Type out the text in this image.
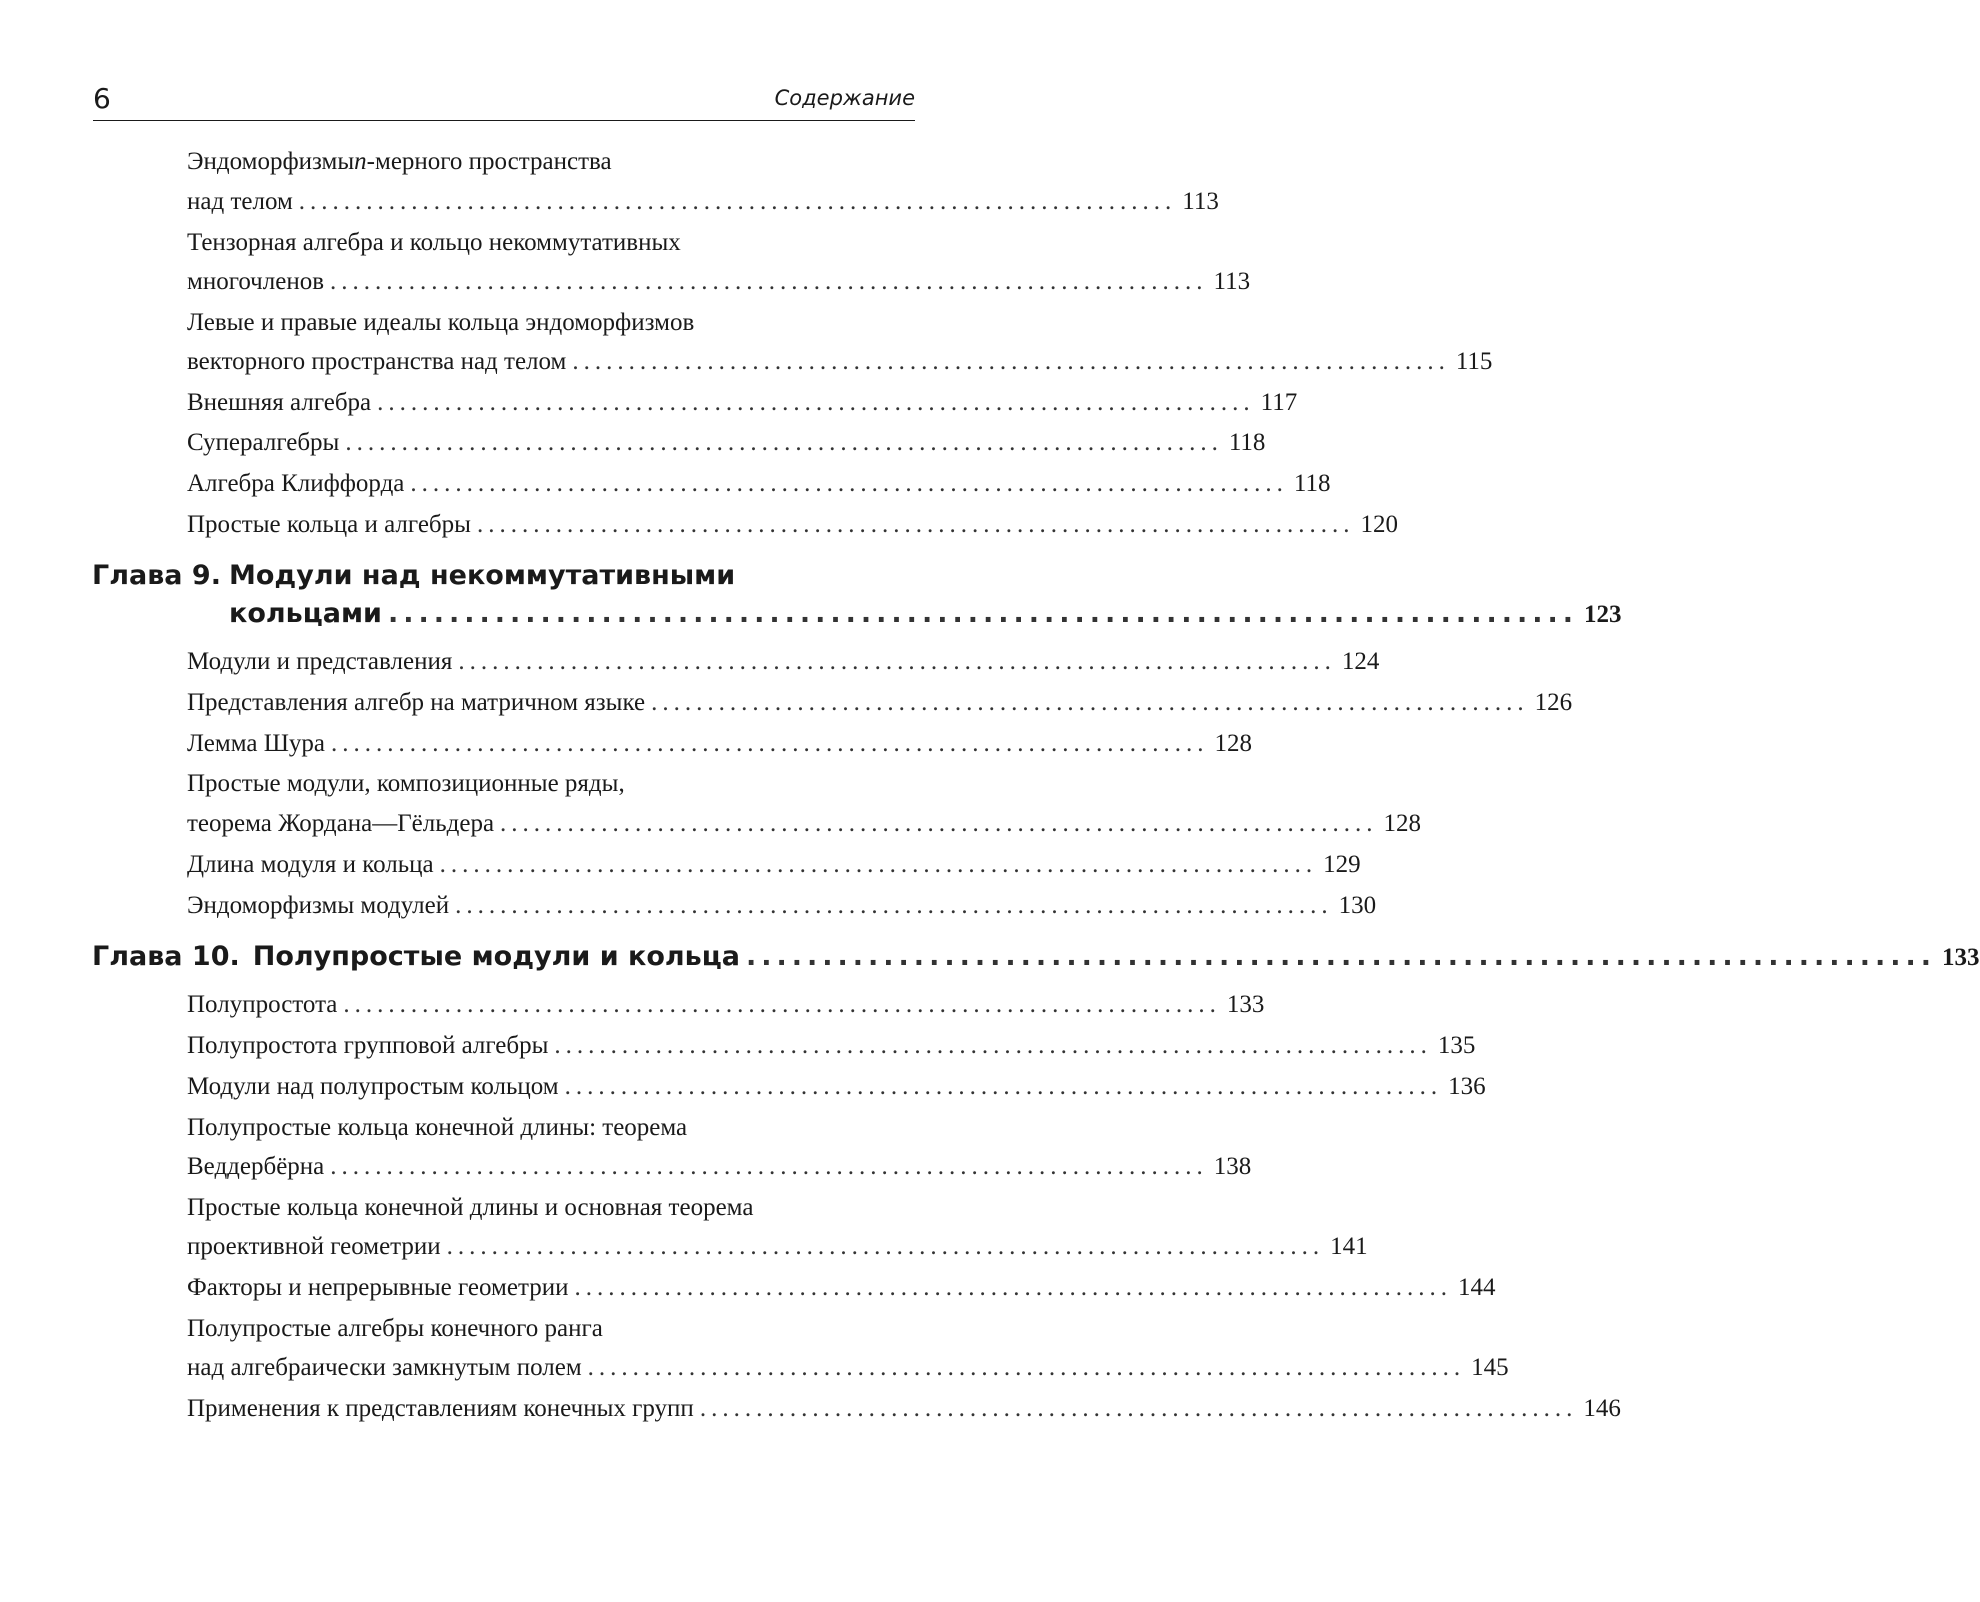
6	Содержание
Эндоморфизмы n -мерного пространства
над телом .............................................................................. 113
Тензорная алгебра и кольцо некоммутативных
многочленов .............................................................................. 113
Левые и правые идеалы кольца эндоморфизмов
векторного пространства над телом .............................................................................. 115
Внешняя алгебра .............................................................................. 117
Супералгебры .............................................................................. 118
Алгебра Клиффорда .............................................................................. 118
Простые кольца и алгебры .............................................................................. 120
Глава 9. Модули над некоммутативными
кольцами .............................................................................. 123
Модули и представления .............................................................................. 124
Представления алгебр на матричном языке .............................................................................. 126
Лемма Шура .............................................................................. 128
Простые модули, композиционные ряды,
теорема Жордана—Гёльдера .............................................................................. 128
Длина модуля и кольца .............................................................................. 129
Эндоморфизмы модулей .............................................................................. 130
Глава 10. Полупростые модули и кольца .............................................................................. 133
Полупростота .............................................................................. 133
Полупростота групповой алгебры .............................................................................. 135
Модули над полупростым кольцом .............................................................................. 136
Полупростые кольца конечной длины: теорема
Веддербёрна .............................................................................. 138
Простые кольца конечной длины и основная теорема
проективной геометрии .............................................................................. 141
Факторы и непрерывные геометрии .............................................................................. 144
Полупростые алгебры конечного ранга
над алгебраически замкнутым полем .............................................................................. 145
Применения к представлениям конечных групп .............................................................................. 146
